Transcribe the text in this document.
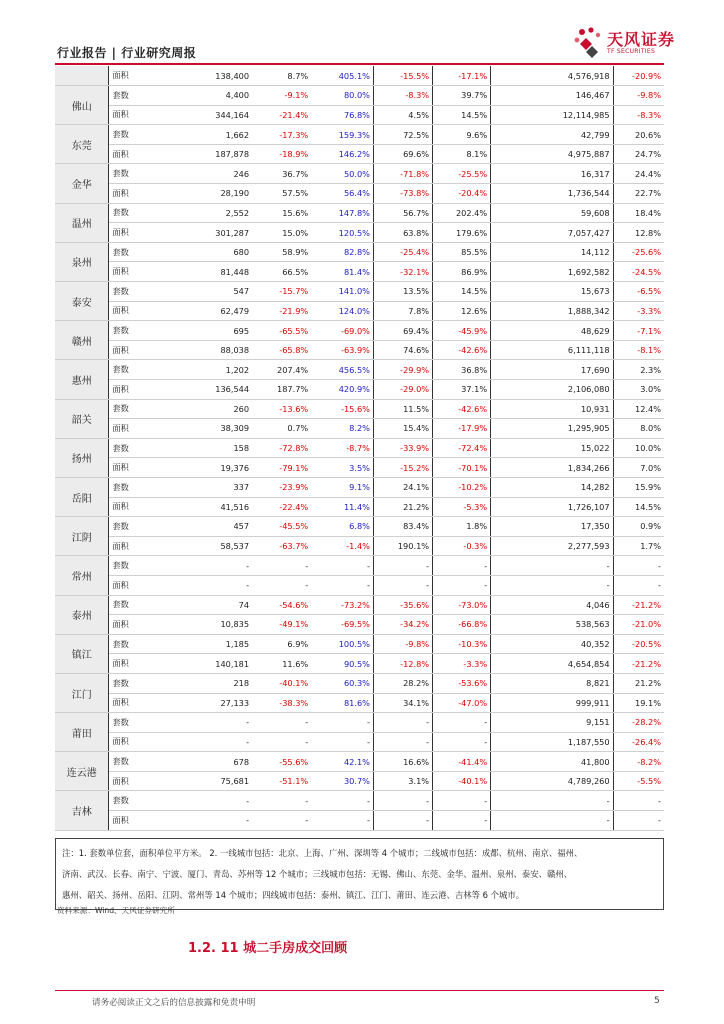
行业报告 | 行业研究周报
天风证券
TF SECURITIES
	面积	138,400	8.7%	405.1%	-15.5%	-17.1%	4,576,918	-20.9%
佛山	套数	4,400	-9.1%	80.0%	-8.3%	39.7%	146,467	-9.8%
	面积	344,164	-21.4%	76.8%	4.5%	14.5%	12,114,985	-8.3%
东莞	套数	1,662	-17.3%	159.3%	72.5%	9.6%	42,799	20.6%
	面积	187,878	-18.9%	146.2%	69.6%	8.1%	4,975,887	24.7%
金华	套数	246	36.7%	50.0%	-71.8%	-25.5%	16,317	24.4%
	面积	28,190	57.5%	56.4%	-73.8%	-20.4%	1,736,544	22.7%
温州	套数	2,552	15.6%	147.8%	56.7%	202.4%	59,608	18.4%
	面积	301,287	15.0%	120.5%	63.8%	179.6%	7,057,427	12.8%
泉州	套数	680	58.9%	82.8%	-25.4%	85.5%	14,112	-25.6%
	面积	81,448	66.5%	81.4%	-32.1%	86.9%	1,692,582	-24.5%
泰安	套数	547	-15.7%	141.0%	13.5%	14.5%	15,673	-6.5%
	面积	62,479	-21.9%	124.0%	7.8%	12.6%	1,888,342	-3.3%
赣州	套数	695	-65.5%	-69.0%	69.4%	-45.9%	48,629	-7.1%
	面积	88,038	-65.8%	-63.9%	74.6%	-42.6%	6,111,118	-8.1%
惠州	套数	1,202	207.4%	456.5%	-29.9%	36.8%	17,690	2.3%
	面积	136,544	187.7%	420.9%	-29.0%	37.1%	2,106,080	3.0%
韶关	套数	260	-13.6%	-15.6%	11.5%	-42.6%	10,931	12.4%
	面积	38,309	0.7%	8.2%	15.4%	-17.9%	1,295,905	8.0%
扬州	套数	158	-72.8%	-8.7%	-33.9%	-72.4%	15,022	10.0%
	面积	19,376	-79.1%	3.5%	-15.2%	-70.1%	1,834,266	7.0%
岳阳	套数	337	-23.9%	9.1%	24.1%	-10.2%	14,282	15.9%
	面积	41,516	-22.4%	11.4%	21.2%	-5.3%	1,726,107	14.5%
江阴	套数	457	-45.5%	6.8%	83.4%	1.8%	17,350	0.9%
	面积	58,537	-63.7%	-1.4%	190.1%	-0.3%	2,277,593	1.7%
常州	套数	-	-	-	-	-	-	-
	面积	-	-	-	-	-	-	-
泰州	套数	74	-54.6%	-73.2%	-35.6%	-73.0%	4,046	-21.2%
	面积	10,835	-49.1%	-69.5%	-34.2%	-66.8%	538,563	-21.0%
镇江	套数	1,185	6.9%	100.5%	-9.8%	-10.3%	40,352	-20.5%
	面积	140,181	11.6%	90.5%	-12.8%	-3.3%	4,654,854	-21.2%
江门	套数	218	-40.1%	60.3%	28.2%	-53.6%	8,821	21.2%
	面积	27,133	-38.3%	81.6%	34.1%	-47.0%	999,911	19.1%
莆田	套数	-	-	-	-	-	9,151	-28.2%
	面积	-	-	-	-	-	1,187,550	-26.4%
连云港	套数	678	-55.6%	42.1%	16.6%	-41.4%	41,800	-8.2%
	面积	75,681	-51.1%	30.7%	3.1%	-40.1%	4,789,260	-5.5%
吉林	套数	-	-	-	-	-	-	-
	面积	-	-	-	-	-	-	-
注：1. 套数单位套，面积单位平方米。 2. 一线城市包括：北京、上海、广州、深圳等 4 个城市；二线城市包括：成都、杭州、南京、福州、
济南、武汉、长春、南宁、宁波、厦门、青岛、苏州等 12 个城市；三线城市包括：无锡、佛山、东莞、金华、温州、泉州、泰安、赣州、
惠州、韶关、扬州、岳阳、江阴、常州等 14 个城市；四线城市包括：泰州、镇江、江门、莆田、连云港、吉林等 6 个城市。
资料来源：Wind、天风证券研究所
1.2. 11 城二手房成交回顾
请务必阅读正文之后的信息披露和免责申明	5
